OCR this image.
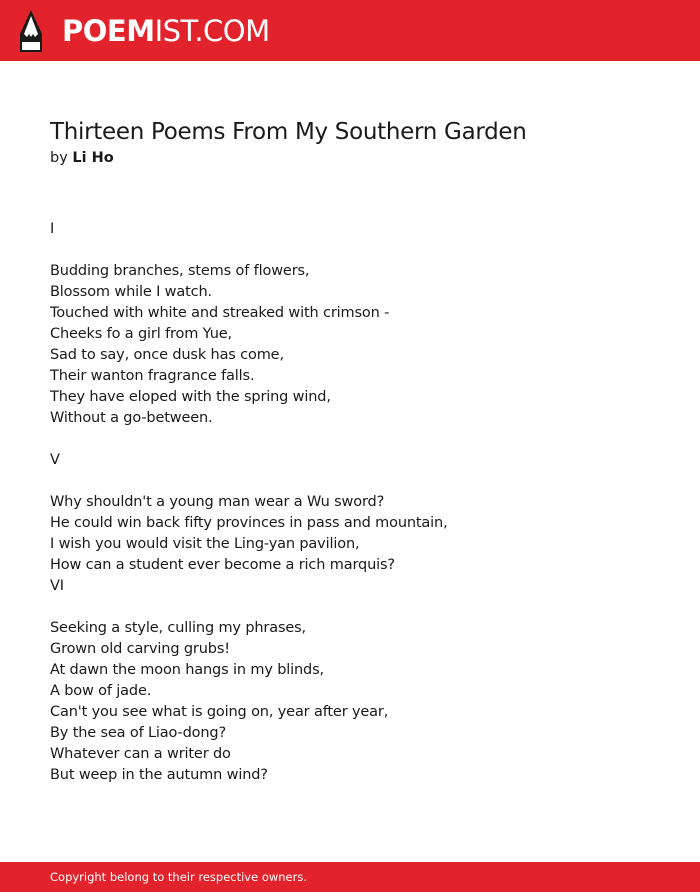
POEMIST.COM
Thirteen Poems From My Southern Garden
by Li Ho
I
Budding branches, stems of flowers,
Blossom while I watch.
Touched with white and streaked with crimson -
Cheeks fo a girl from Yue,
Sad to say, once dusk has come,
Their wanton fragrance falls.
They have eloped with the spring wind,
Without a go-between.
V
Why shouldn't a young man wear a Wu sword?
He could win back fifty provinces in pass and mountain,
I wish you would visit the Ling-yan pavilion,
How can a student ever become a rich marquis?
VI
Seeking a style, culling my phrases,
Grown old carving grubs!
At dawn the moon hangs in my blinds,
A bow of jade.
Can't you see what is going on, year after year,
By the sea of Liao-dong?
Whatever can a writer do
But weep in the autumn wind?
Copyright belong to their respective owners.
